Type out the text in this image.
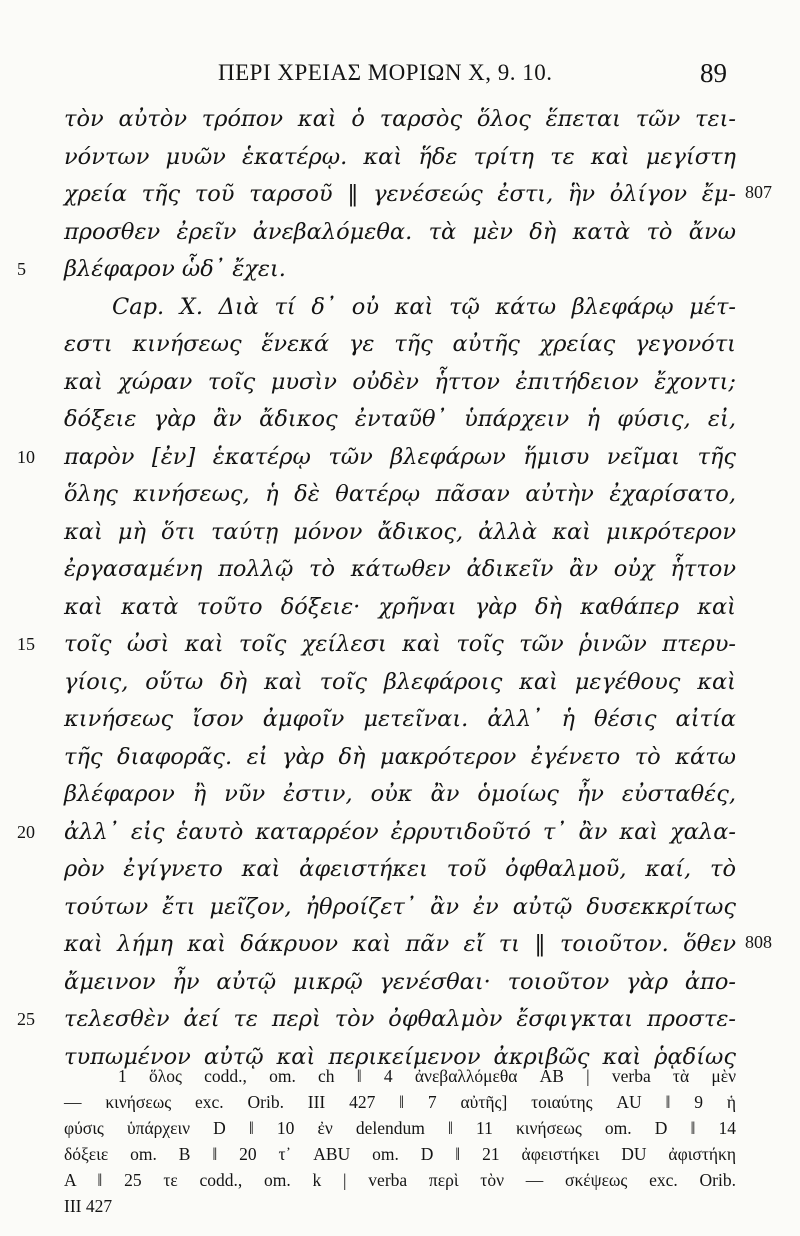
ΠΕΡΙ ΧΡΕΙΑΣ ΜΟΡΙΩΝ Χ, 9. 10.	89
τὸν αὐτὸν τρόπον καὶ ὁ ταρσὸς ὅλος ἕπεται τῶν τει-
νόντων μυῶν ἑκατέρῳ. καὶ ἥδε τρίτη τε καὶ μεγίστη
χρεία τῆς τοῦ ταρσοῦ ‖ γενέσεώς ἐστι, ἣν ὀλίγον ἔμ- 807
προσθεν ἐρεῖν ἀνεβαλόμεθα. τὰ μὲν δὴ κατὰ τὸ ἄνω
5	βλέφαρον ὧδ᾽ ἔχει.
Cap. X. Διὰ τί δ᾽ οὐ καὶ τῷ κάτω βλεφάρῳ μέτ-
εστι κινήσεως ἕνεκά γε τῆς αὐτῆς χρείας γεγονότι
καὶ χώραν τοῖς μυσὶν οὐδὲν ἧττον ἐπιτήδειον ἔχοντι;
δόξειε γὰρ ἂν ἄδικος ἐνταῦθ᾽ ὑπάρχειν ἡ φύσις, εἰ,
10	παρὸν [ἐν] ἑκατέρῳ τῶν βλεφάρων ἥμισυ νεῖμαι τῆς
ὅλης κινήσεως, ἡ δὲ θατέρῳ πᾶσαν αὐτὴν ἐχαρίσατο,
καὶ μὴ ὅτι ταύτῃ μόνον ἄδικος, ἀλλὰ καὶ μικρότερον
ἐργασαμένη πολλῷ τὸ κάτωθεν ἀδικεῖν ἂν οὐχ ἧττον
καὶ κατὰ τοῦτο δόξειε· χρῆναι γὰρ δὴ καθάπερ καὶ
15	τοῖς ὠσὶ καὶ τοῖς χείλεσι καὶ τοῖς τῶν ῥινῶν πτερυ-
γίοις, οὕτω δὴ καὶ τοῖς βλεφάροις καὶ μεγέθους καὶ
κινήσεως ἴσον ἀμφοῖν μετεῖναι. ἀλλ᾽ ἡ θέσις αἰτία
τῆς διαφορᾶς. εἰ γὰρ δὴ μακρότερον ἐγένετο τὸ κάτω
βλέφαρον ἢ νῦν ἐστιν, οὐκ ἂν ὁμοίως ἦν εὐσταθές,
20	ἀλλ᾽ εἰς ἑαυτὸ καταρρέον ἐρρυτιδοῦτό τ᾽ ἂν καὶ χαλα-
ρὸν ἐγίγνετο καὶ ἀφειστήκει τοῦ ὀφθαλμοῦ, καί, τὸ
τούτων ἔτι μεῖζον, ἠθροίζετ᾽ ἂν ἐν αὐτῷ δυσεκκρίτως
καὶ λήμη καὶ δάκρυον καὶ πᾶν εἴ τι ‖ τοιοῦτον. ὅθεν 808
ἄμεινον ἦν αὐτῷ μικρῷ γενέσθαι· τοιοῦτον γὰρ ἀπο-
25	τελεσθὲν ἀεί τε περὶ τὸν ὀφθαλμὸν ἔσφιγκται προστε-
τυπωμένον αὐτῷ καὶ περικείμενον ἀκριβῶς καὶ ῥᾳδίως
1 ὅλος codd., om. ch ‖ 4 ἀνεβαλλόμεθα AB | verba τὰ μὲν
— κινήσεως exc. Orib. III 427 ‖ 7 αὐτῆς] τοιαύτης AU ‖ 9 ἡ
φύσις ὑπάρχειν D ‖ 10 ἐν delendum ‖ 11 κινήσεως om. D ‖ 14
δόξειε om. B ‖ 20 τ᾽ ABU om. D ‖ 21 ἀφειστήκει DU ἀφιστήκη
A ‖ 25 τε codd., om. k | verba περὶ τὸν — σκέψεως exc. Orib.
III 427
